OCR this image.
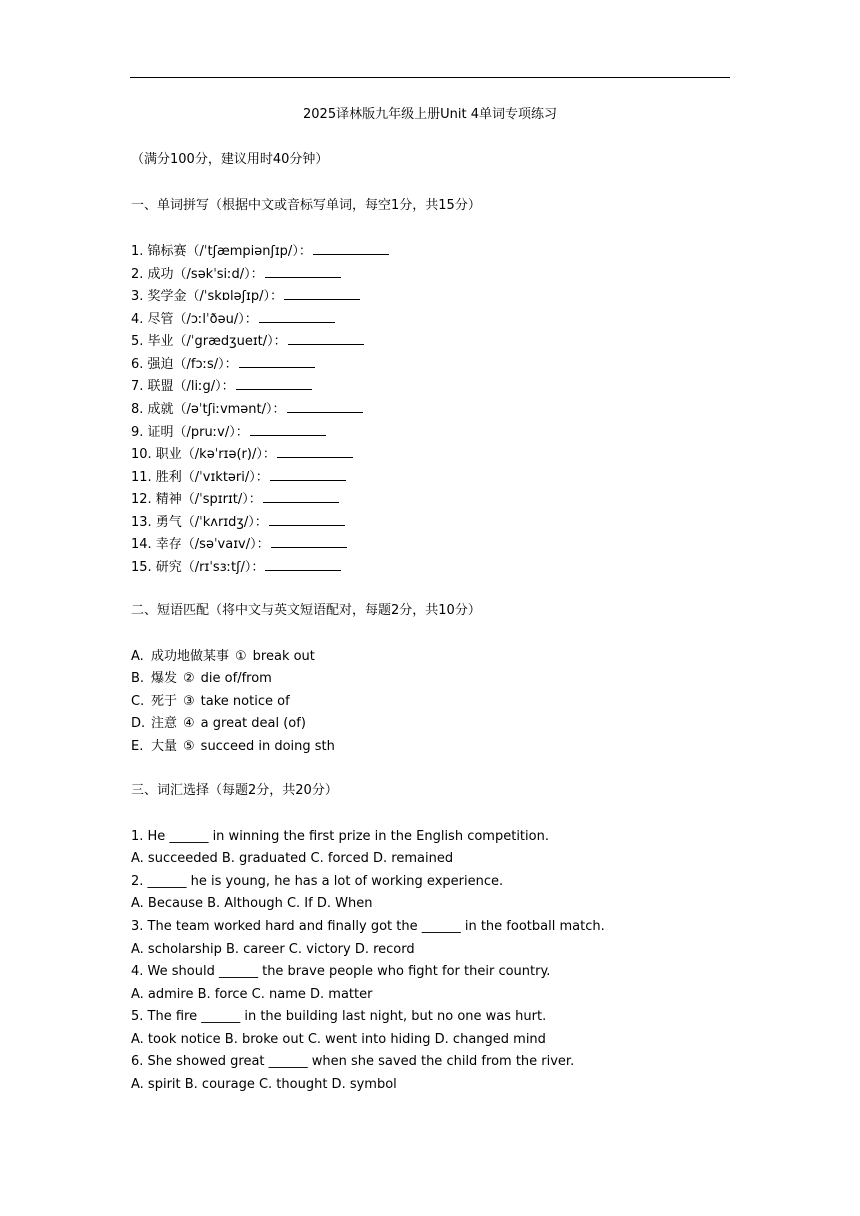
2025译林版九年级上册Unit 4单词专项练习
（满分100分，建议用时40分钟）
一、单词拼写（根据中文或音标写单词，每空1分，共15分）
1. 锦标赛（/ˈtʃæmpiənʃɪp/）：
2. 成功（/səkˈsiːd/）：
3. 奖学金（/ˈskɒləʃɪp/）：
4. 尽管（/ɔːlˈðəu/）：
5. 毕业（/ˈgrædʒueɪt/）：
6. 强迫（/fɔːs/）：
7. 联盟（/liːg/）：
8. 成就（/əˈtʃiːvmənt/）：
9. 证明（/pruːv/）：
10. 职业（/kəˈrɪə(r)/）：
11. 胜利（/ˈvɪktəri/）：
12. 精神（/ˈspɪrɪt/）：
13. 勇气（/ˈkʌrɪdʒ/）：
14. 幸存（/səˈvaɪv/）：
15. 研究（/rɪˈsɜːtʃ/）：
二、短语匹配（将中文与英文短语配对，每题2分，共10分）
A. 成功地做某事 ① break out
B. 爆发 ② die of/from
C. 死于 ③ take notice of
D. 注意 ④ a great deal (of)
E. 大量 ⑤ succeed in doing sth
三、词汇选择（每题2分，共20分）
1. He ______ in winning the first prize in the English competition.
A. succeeded B. graduated C. forced D. remained
2. ______ he is young, he has a lot of working experience.
A. Because B. Although C. If D. When
3. The team worked hard and finally got the ______ in the football match.
A. scholarship B. career C. victory D. record
4. We should ______ the brave people who fight for their country.
A. admire B. force C. name D. matter
5. The fire ______ in the building last night, but no one was hurt.
A. took notice B. broke out C. went into hiding D. changed mind
6. She showed great ______ when she saved the child from the river.
A. spirit B. courage C. thought D. symbol
